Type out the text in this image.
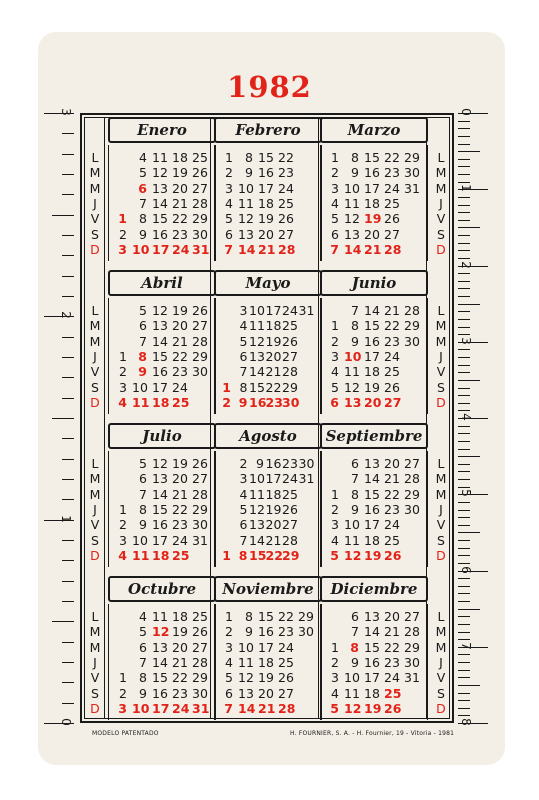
1982
Enero
1
2
3
4
5
6
7
8
9
10
11
12
13
14
15
16
17
18
19
20
21
22
23
24
25
26
27
28
29
30
31
Febrero
1
2
3
4
5
6
7
8
9
10
11
12
13
14
15
16
17
18
19
20
21
22
23
24
25
26
27
28
Marzo
1
2
3
4
5
6
7
8
9
10
11
12
13
14
15
16
17
18
19
20
21
22
23
24
25
26
27
28
29
30
31
Abril
1
2
3
4
5
6
7
8
9
10
11
12
13
14
15
16
17
18
19
20
21
22
23
24
25
26
27
28
29
30
Mayo
1
2
3
4
5
6
7
8
9
10
11
12
13
14
15
16
17
18
19
20
21
22
23
24
25
26
27
28
29
30
31
Junio
1
2
3
4
5
6
7
8
9
10
11
12
13
14
15
16
17
18
19
20
21
22
23
24
25
26
27
28
29
30
Julio
1
2
3
4
5
6
7
8
9
10
11
12
13
14
15
16
17
18
19
20
21
22
23
24
25
26
27
28
29
30
31
Agosto
1
2
3
4
5
6
7
8
9
10
11
12
13
14
15
16
17
18
19
20
21
22
23
24
25
26
27
28
29
30
31
Septiembre
1
2
3
4
5
6
7
8
9
10
11
12
13
14
15
16
17
18
19
20
21
22
23
24
25
26
27
28
29
30
Octubre
1
2
3
4
5
6
7
8
9
10
11
12
13
14
15
16
17
18
19
20
21
22
23
24
25
26
27
28
29
30
31
Noviembre
1
2
3
4
5
6
7
8
9
10
11
12
13
14
15
16
17
18
19
20
21
22
23
24
25
26
27
28
29
30
Diciembre
1
2
3
4
5
6
7
8
9
10
11
12
13
14
15
16
17
18
19
20
21
22
23
24
25
26
27
28
29
30
31
L
M
M
J
V
S
D
L
M
M
J
V
S
D
L
M
M
J
V
S
D
L
M
M
J
V
S
D
L
M
M
J
V
S
D
L
M
M
J
V
S
D
L
M
M
J
V
S
D
L
M
M
J
V
S
D
3
2
1
0
0
1
2
3
4
5
6
7
8
MODELO PATENTADO	H. FOURNIER, S. A. - H. Fournier, 19 - Vitoria - 1981
